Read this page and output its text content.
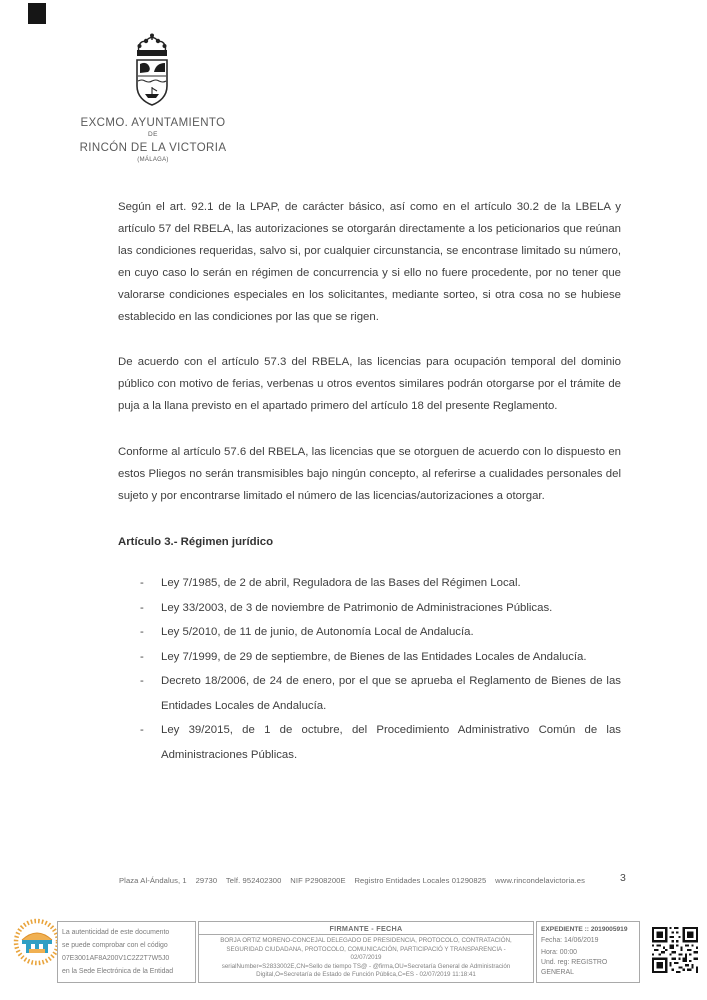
EXCMO. AYUNTAMIENTO
DE
RINCÓN DE LA VICTORIA
(MÁLAGA)

Según el art. 92.1 de la LPAP, de carácter básico, así como en el artículo 30.2 de la LBELA y artículo 57 del RBELA, las autorizaciones se otorgarán directamente a los peticionarios que reúnan las condiciones requeridas, salvo si, por cualquier circunstancia, se encontrase limitado su número, en cuyo caso lo serán en régimen de concurrencia y si ello no fuere procedente, por no tener que valorarse condiciones especiales en los solicitantes, mediante sorteo, si otra cosa no se hubiese establecido en las condiciones por las que se rigen.

De acuerdo con el artículo 57.3 del RBELA, las licencias para ocupación temporal del dominio público con motivo de ferias, verbenas u otros eventos similares podrán otorgarse por el trámite de puja a la llana previsto en el apartado primero del artículo 18 del presente Reglamento.

Conforme al artículo 57.6 del RBELA, las licencias que se otorguen de acuerdo con lo dispuesto en estos Pliegos no serán transmisibles bajo ningún concepto, al referirse a cualidades personales del sujeto y por encontrarse limitado el número de las licencias/autorizaciones a otorgar.

Artículo 3.- Régimen jurídico
-	Ley 7/1985, de 2 de abril, Reguladora de las Bases del Régimen Local.
-	Ley 33/2003, de 3 de noviembre de Patrimonio de Administraciones Públicas.
-	Ley 5/2010, de 11 de junio, de Autonomía Local de Andalucía.
-	Ley 7/1999, de 29 de septiembre, de Bienes de las Entidades Locales de Andalucía.
-	Decreto 18/2006, de 24 de enero, por el que se aprueba el Reglamento de Bienes de las Entidades Locales de Andalucía.
-	Ley 39/2015, de 1 de octubre, del Procedimiento Administrativo Común de las Administraciones Públicas.
Plaza Al-Ándalus, 1    29730    Telf. 952402300    NIF P2908200E    Registro Entidades Locales 01290825    www.rincondelavictoria.es	3
La autenticidad de este documento
se puede comprobar con el código
07E3001AF8A200V1C2Z2T7W5J0
en la Sede Electrónica de la Entidad
FIRMANTE - FECHA
BORJA ORTIZ MORENO-CONCEJAL DELEGADO DE PRESIDENCIA, PROTOCOLO, CONTRATACIÓN,
SEGURIDAD CIUDADANA, PROTOCOLO, COMUNICACIÓN, PARTICIPACIÓ Y TRANSPARENCIA -
02/07/2019
serialNumber=S2833002E,CN=Sello de tiempo TS@ - @firma,OU=Secretaría General de Administración
Digital,O=Secretaría de Estado de Función Pública,C=ES - 02/07/2019 11:18:41
EXPEDIENTE :: 2019005919
Fecha: 14/06/2019
Hora: 00:00
Und. reg: REGISTRO GENERAL
